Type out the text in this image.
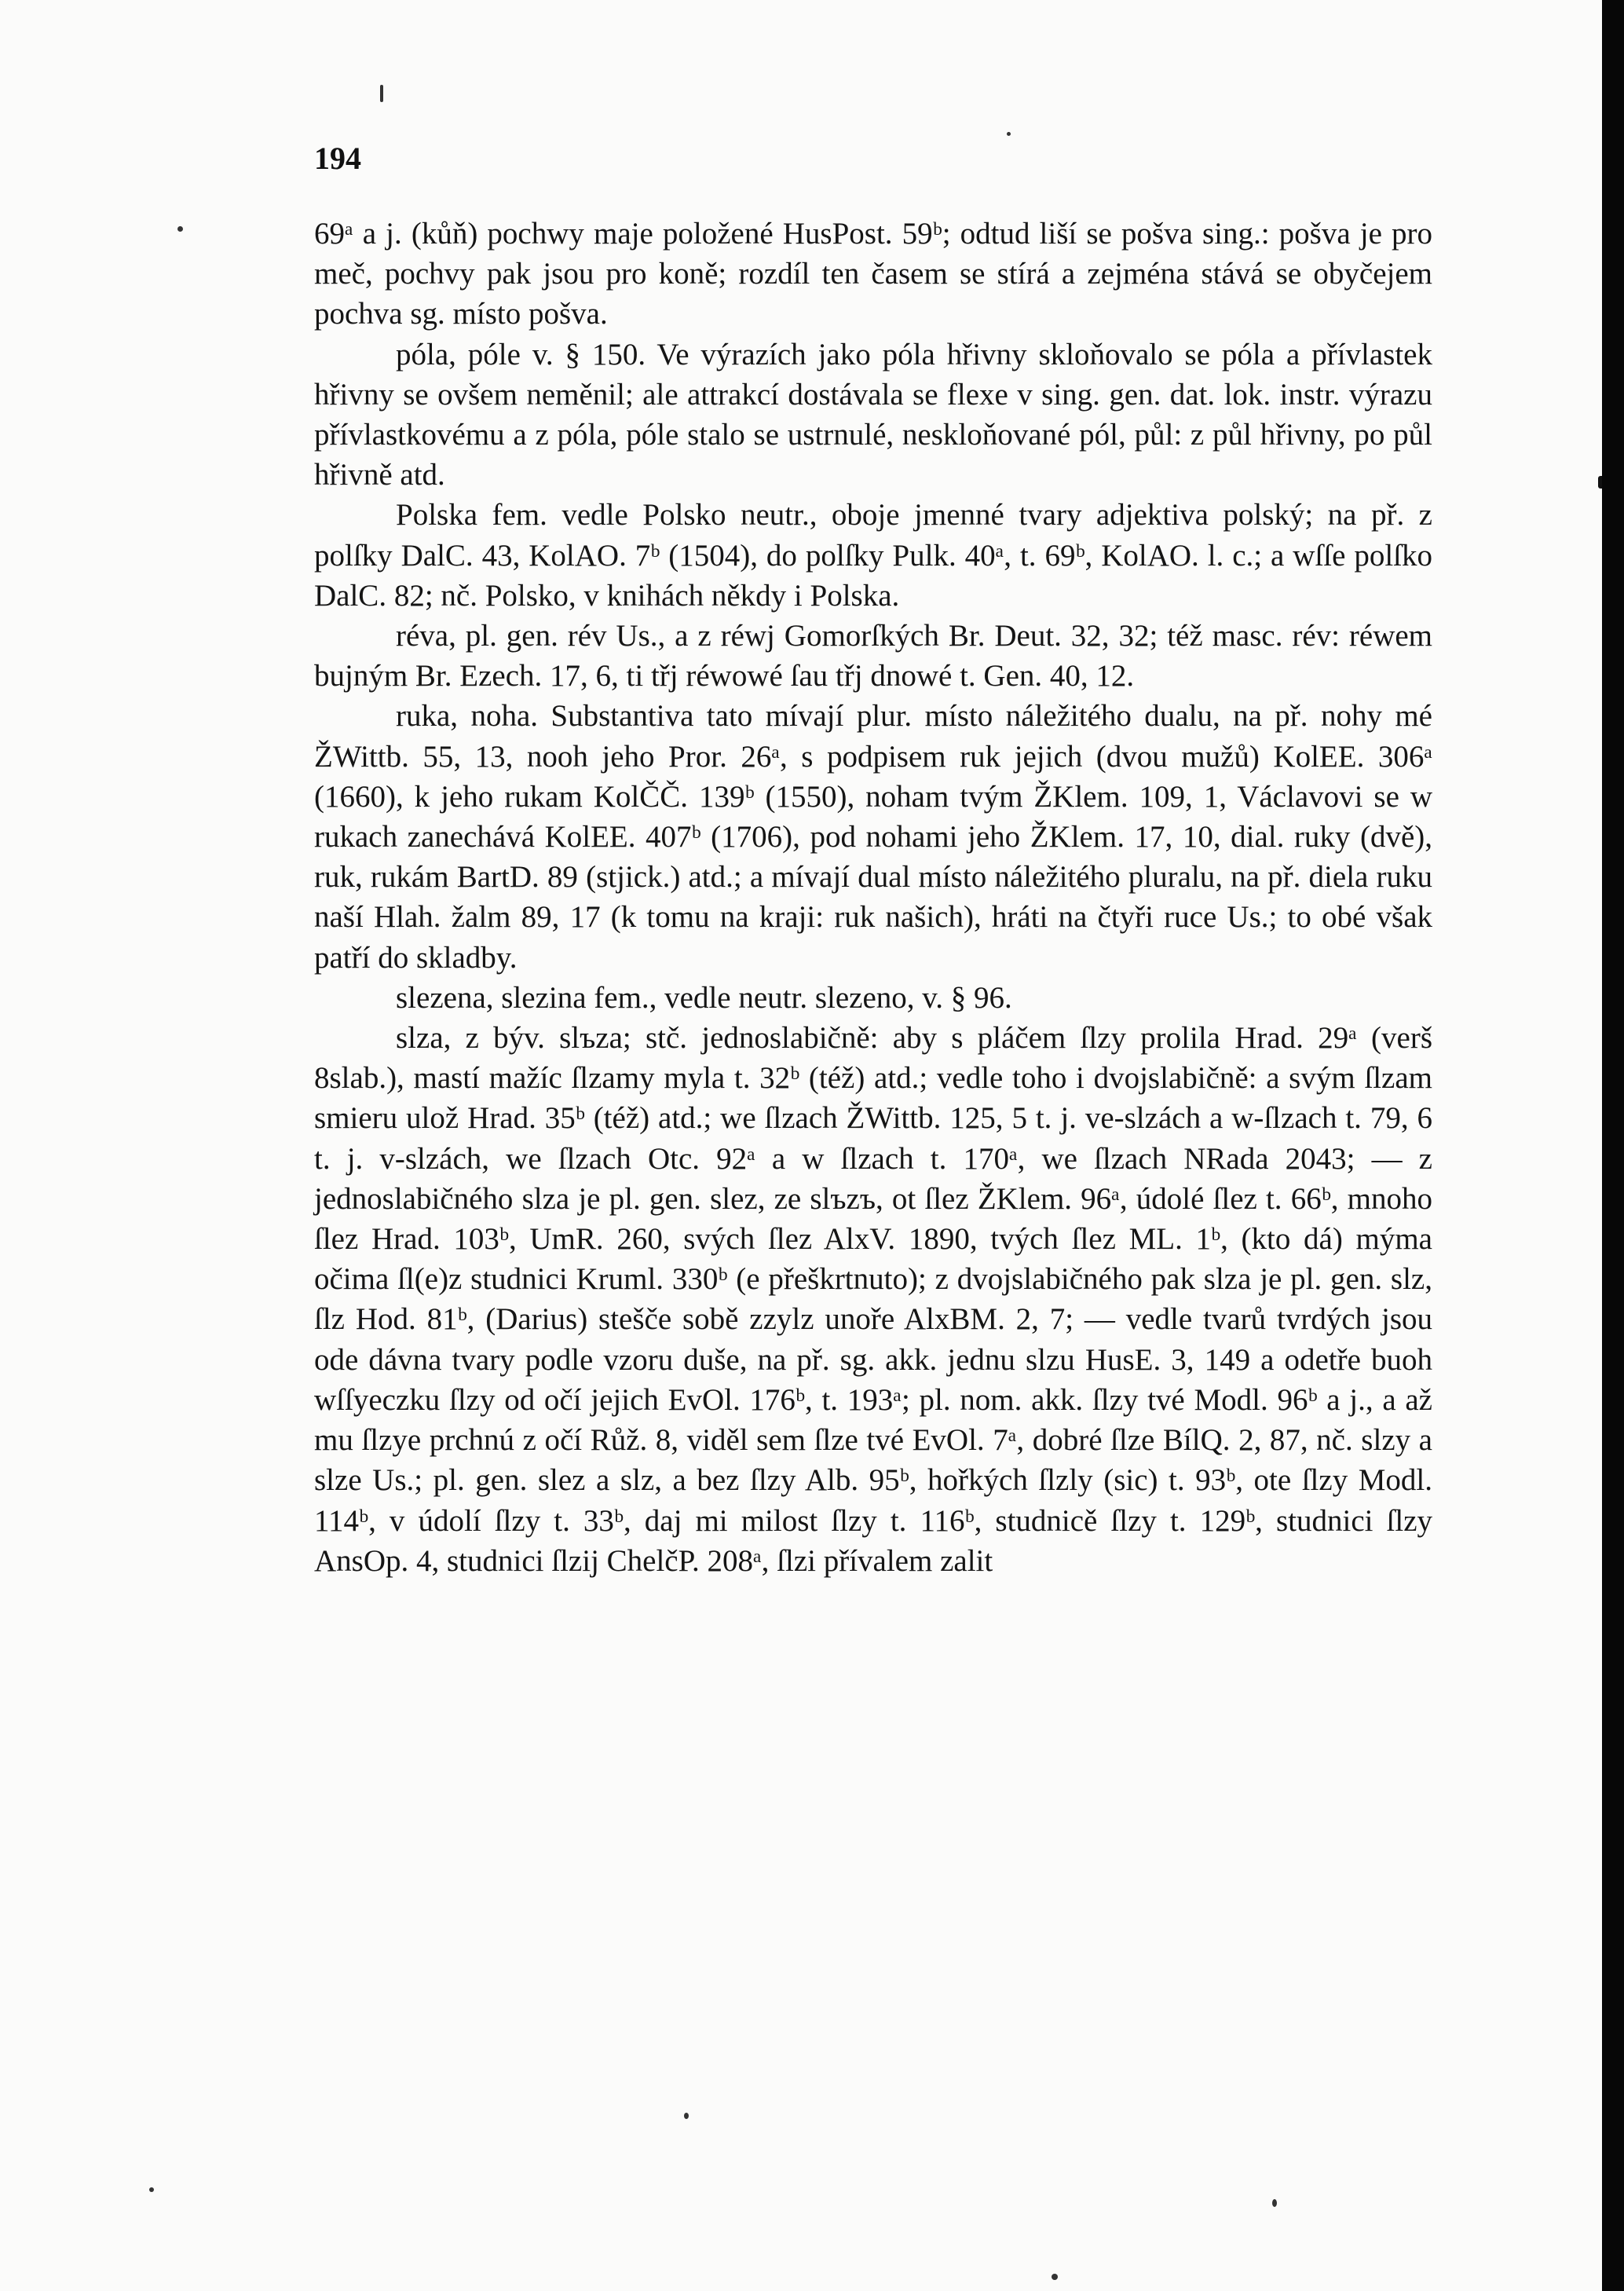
194

69ᵃ a j. (kůň) pochwy maje položené HusPost. 59ᵇ; odtud liší se pošva sing.: pošva je pro meč, pochvy pak jsou pro koně; rozdíl ten časem se stírá a zejména stává se obyčejem pochva sg. místo pošva.

póla, póle v. § 150. Ve výrazích jako póla hřivny skloňovalo se póla a přívlastek hřivny se ovšem neměnil; ale attrakcí dostávala se flexe v sing. gen. dat. lok. instr. výrazu přívlastkovému a z póla, póle stalo se ustrnulé, neskloňované pól, půl: z půl hřivny, po půl hřivně atd.

Polska fem. vedle Polsko neutr., oboje jmenné tvary adjektiva polský; na př. z polſky DalC. 43, KolAO. 7ᵇ (1504), do polſky Pulk. 40ᵃ, t. 69ᵇ, KolAO. l. c.; a wſſe polſko DalC. 82; nč. Polsko, v knihách někdy i Polska.

réva, pl. gen. rév Us., a z réwj Gomorſkých Br. Deut. 32, 32; též masc. rév: réwem bujným Br. Ezech. 17, 6, ti třj réwowé ſau třj dnowé t. Gen. 40, 12.

ruka, noha. Substantiva tato mívají plur. místo náležitého dualu, na př. nohy mé ŽWittb. 55, 13, nooh jeho Pror. 26ᵃ, s podpisem ruk jejich (dvou mužů) KolEE. 306ᵃ (1660), k jeho rukam KolČČ. 139ᵇ (1550), noham tvým ŽKlem. 109, 1, Václavovi se w rukach zanechává KolEE. 407ᵇ (1706), pod nohami jeho ŽKlem. 17, 10, dial. ruky (dvě), ruk, rukám BartD. 89 (stjick.) atd.; a mívají dual místo náležitého pluralu, na př. diela ruku naší Hlah. žalm 89, 17 (k tomu na kraji: ruk našich), hráti na čtyři ruce Us.; to obé však patří do skladby.

slezena, slezina fem., vedle neutr. slezeno, v. § 96.

slza, z býv. slъza; stč. jednoslabičně: aby s pláčem ſlzy prolila Hrad. 29ᵃ (verš 8slab.), mastí mažíc ſlzamy myla t. 32ᵇ (též) atd.; vedle toho i dvojslabičně: a svým ſlzam smieru ulož Hrad. 35ᵇ (též) atd.; we ſlzach ŽWittb. 125, 5 t. j. ve-slzách a w-ſlzach t. 79, 6 t. j. v-slzách, we ſlzach Otc. 92ᵃ a w ſlzach t. 170ᵃ, we ſlzach NRada 2043; — z jednoslabičného slza je pl. gen. slez, ze slъzъ, ot ſlez ŽKlem. 96ᵃ, údolé ſlez t. 66ᵇ, mnoho ſlez Hrad. 103ᵇ, UmR. 260, svých ſlez AlxV. 1890, tvých ſlez ML. 1ᵇ, (kto dá) mýma očima ſl(e)z studnici Kruml. 330ᵇ (e přeškrtnuto); z dvojslabičného pak slza je pl. gen. slz, ſlz Hod. 81ᵇ, (Darius) stešče sobě zzylz unoře AlxBM. 2, 7; — vedle tvarů tvrdých jsou ode dávna tvary podle vzoru duše, na př. sg. akk. jednu slzu HusE. 3, 149 a odetře buoh wſſyeczku ſlzy od očí jejich EvOl. 176ᵇ, t. 193ᵃ; pl. nom. akk. ſlzy tvé Modl. 96ᵇ a j., a až mu ſlzye prchnú z očí Růž. 8, viděl sem ſlze tvé EvOl. 7ᵃ, dobré ſlze BílQ. 2, 87, nč. slzy a slze Us.; pl. gen. slez a slz, a bez ſlzy Alb. 95ᵇ, hořkých ſlzly (sic) t. 93ᵇ, ote ſlzy Modl. 114ᵇ, v údolí ſlzy t. 33ᵇ, daj mi milost ſlzy t. 116ᵇ, studnicě ſlzy t. 129ᵇ, studnici ſlzy AnsOp. 4, studnici ſlzij ChelčP. 208ᵃ, ſlzi přívalem zalit
